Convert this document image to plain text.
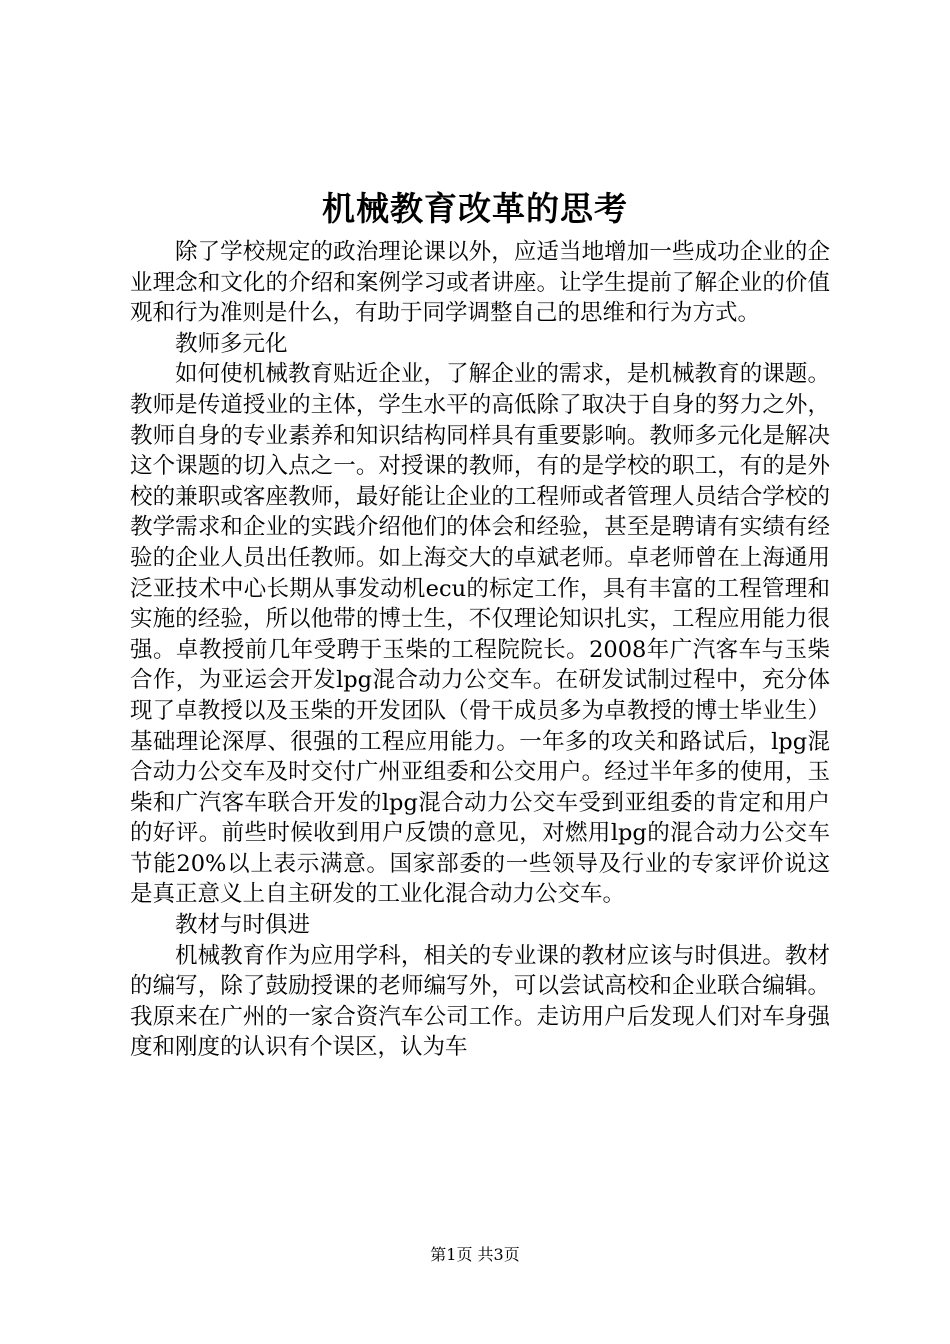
机械教育改革的思考

除了学校规定的政治理论课以外，应适当地增加一些成功企业的企业理念和文化的介绍和案例学习或者讲座。让学生提前了解企业的价值观和行为准则是什么，有助于同学调整自己的思维和行为方式。

教师多元化

如何使机械教育贴近企业，了解企业的需求，是机械教育的课题。教师是传道授业的主体，学生水平的高低除了取决于自身的努力之外，教师自身的专业素养和知识结构同样具有重要影响。教师多元化是解决这个课题的切入点之一。对授课的教师，有的是学校的职工，有的是外校的兼职或客座教师，最好能让企业的工程师或者管理人员结合学校的教学需求和企业的实践介绍他们的体会和经验，甚至是聘请有实绩有经验的企业人员出任教师。如上海交大的卓斌老师。卓老师曾在上海通用泛亚技术中心长期从事发动机ecu的标定工作，具有丰富的工程管理和实施的经验，所以他带的博士生，不仅理论知识扎实，工程应用能力很强。卓教授前几年受聘于玉柴的工程院院长。2008年广汽客车与玉柴合作，为亚运会开发lpg混合动力公交车。在研发试制过程中，充分体现了卓教授以及玉柴的开发团队（骨干成员多为卓教授的博士毕业生）基础理论深厚、很强的工程应用能力。一年多的攻关和路试后，lpg混合动力公交车及时交付广州亚组委和公交用户。经过半年多的使用，玉柴和广汽客车联合开发的lpg混合动力公交车受到亚组委的肯定和用户的好评。前些时候收到用户反馈的意见，对燃用lpg的混合动力公交车节能20%以上表示满意。国家部委的一些领导及行业的专家评价说这是真正意义上自主研发的工业化混合动力公交车。

教材与时俱进

机械教育作为应用学科，相关的专业课的教材应该与时俱进。教材的编写，除了鼓励授课的老师编写外，可以尝试高校和企业联合编辑。我原来在广州的一家合资汽车公司工作。走访用户后发现人们对车身强度和刚度的认识有个误区，认为车

第1页 共3页
